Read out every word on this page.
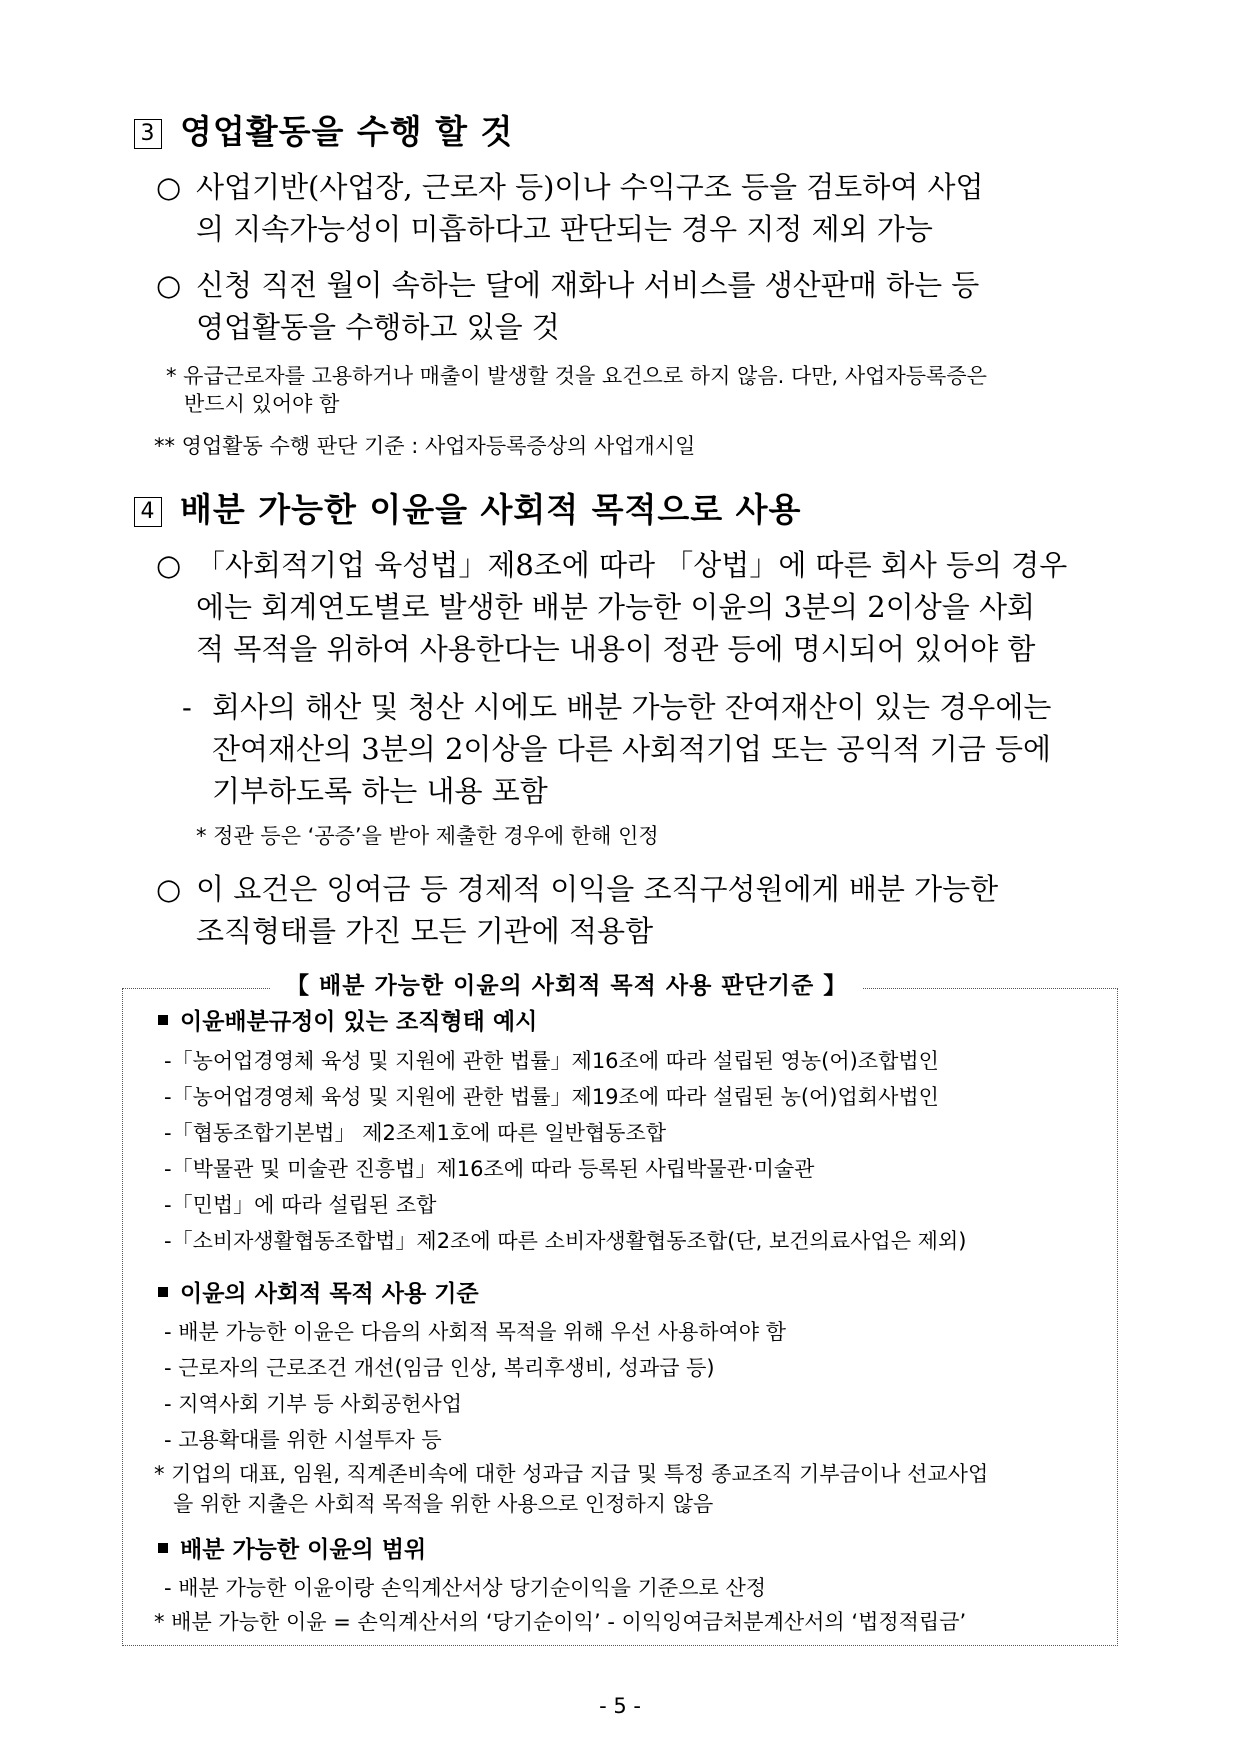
3 영업활동을 수행 할 것
○ 사업기반(사업장, 근로자 등)이나 수익구조 등을 검토하여 사업
의 지속가능성이 미흡하다고 판단되는 경우 지정 제외 가능
○ 신청 직전 월이 속하는 달에 재화나 서비스를 생산판매 하는 등
영업활동을 수행하고 있을 것
* 유급근로자를 고용하거나 매출이 발생할 것을 요건으로 하지 않음. 다만, 사업자등록증은
반드시 있어야 함
** 영업활동 수행 판단 기준 : 사업자등록증상의 사업개시일
4 배분 가능한 이윤을 사회적 목적으로 사용
○ 「사회적기업 육성법」제8조에 따라 「상법」에 따른 회사 등의 경우
에는 회계연도별로 발생한 배분 가능한 이윤의 3분의 2이상을 사회
적 목적을 위하여 사용한다는 내용이 정관 등에 명시되어 있어야 함
- 회사의 해산 및 청산 시에도 배분 가능한 잔여재산이 있는 경우에는
잔여재산의 3분의 2이상을 다른 사회적기업 또는 공익적 기금 등에
기부하도록 하는 내용 포함
* 정관 등은 ‘공증’을 받아 제출한 경우에 한해 인정
○ 이 요건은 잉여금 등 경제적 이익을 조직구성원에게 배분 가능한
조직형태를 가진 모든 기관에 적용함
【 배분 가능한 이윤의 사회적 목적 사용 판단기준 】
이윤배분규정이 있는 조직형태 예시
-「농어업경영체 육성 및 지원에 관한 법률」제16조에 따라 설립된 영농(어)조합법인
-「농어업경영체 육성 및 지원에 관한 법률」제19조에 따라 설립된 농(어)업회사법인
-「협동조합기본법」 제2조제1호에 따른 일반협동조합
-「박물관 및 미술관 진흥법」제16조에 따라 등록된 사립박물관·미술관
-「민법」에 따라 설립된 조합
-「소비자생활협동조합법」제2조에 따른 소비자생활협동조합(단, 보건의료사업은 제외)
이윤의 사회적 목적 사용 기준
- 배분 가능한 이윤은 다음의 사회적 목적을 위해 우선 사용하여야 함
- 근로자의 근로조건 개선(임금 인상, 복리후생비, 성과급 등)
- 지역사회 기부 등 사회공헌사업
- 고용확대를 위한 시설투자 등
* 기업의 대표, 임원, 직계존비속에 대한 성과급 지급 및 특정 종교조직 기부금이나 선교사업
을 위한 지출은 사회적 목적을 위한 사용으로 인정하지 않음
배분 가능한 이윤의 범위
- 배분 가능한 이윤이랑 손익계산서상 당기순이익을 기준으로 산정
* 배분 가능한 이윤 = 손익계산서의 ‘당기순이익’ - 이익잉여금처분계산서의 ‘법정적립금’
- 5 -
